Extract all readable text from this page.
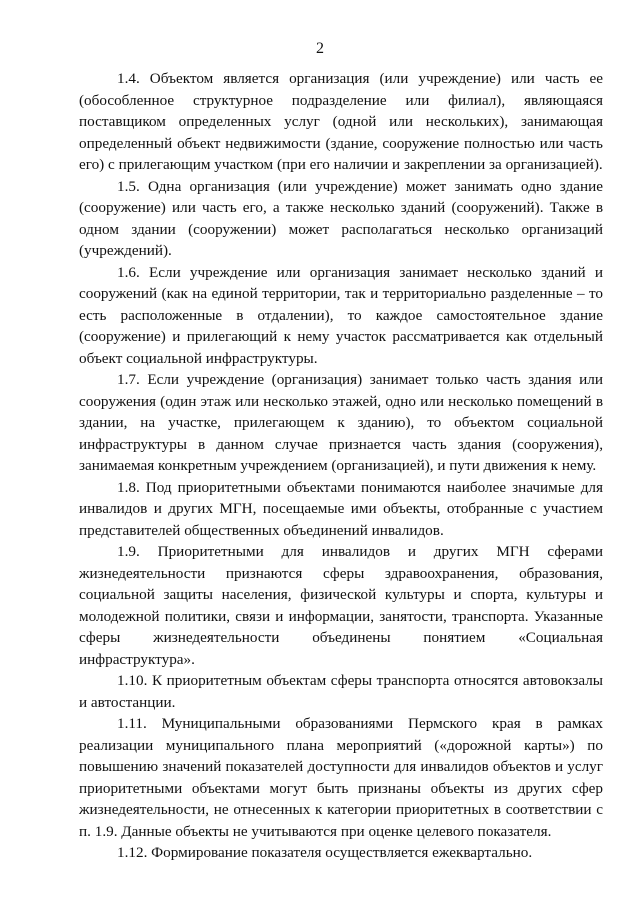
2

1.4. Объектом является организация (или учреждение) или часть ее (обособленное структурное подразделение или филиал), являющаяся поставщиком определенных услуг (одной или нескольких), занимающая определенный объект недвижимости (здание, сооружение полностью или часть его) с прилегающим участком (при его наличии и закреплении за организацией).

1.5. Одна организация (или учреждение) может занимать одно здание (сооружение) или часть его, а также несколько зданий (сооружений). Также в одном здании (сооружении) может располагаться несколько организаций (учреждений).

1.6. Если учреждение или организация занимает несколько зданий и сооружений (как на единой территории, так и территориально разделенные – то есть расположенные в отдалении), то каждое самостоятельное здание (сооружение) и прилегающий к нему участок рассматривается как отдельный объект социальной инфраструктуры.

1.7. Если учреждение (организация) занимает только часть здания или сооружения (один этаж или несколько этажей, одно или несколько помещений в здании, на участке, прилегающем к зданию), то объектом социальной инфраструктуры в данном случае признается часть здания (сооружения), занимаемая конкретным учреждением (организацией), и пути движения к нему.

1.8. Под приоритетными объектами понимаются наиболее значимые для инвалидов и других МГН, посещаемые ими объекты, отобранные с участием представителей общественных объединений инвалидов.

1.9. Приоритетными для инвалидов и других МГН сферами жизнедеятельности признаются сферы здравоохранения, образования, социальной защиты населения, физической культуры и спорта, культуры и молодежной политики, связи и информации, занятости, транспорта. Указанные сферы жизнедеятельности объединены понятием «Социальная инфраструктура».

1.10. К приоритетным объектам сферы транспорта относятся автовокзалы и автостанции.

1.11. Муниципальными образованиями Пермского края в рамках реализации муниципального плана мероприятий («дорожной карты») по повышению значений показателей доступности для инвалидов объектов и услуг приоритетными объектами могут быть признаны объекты из других сфер жизнедеятельности, не отнесенных к категории приоритетных в соответствии с п. 1.9. Данные объекты не учитываются при оценке целевого показателя.

1.12. Формирование показателя осуществляется ежеквартально.
